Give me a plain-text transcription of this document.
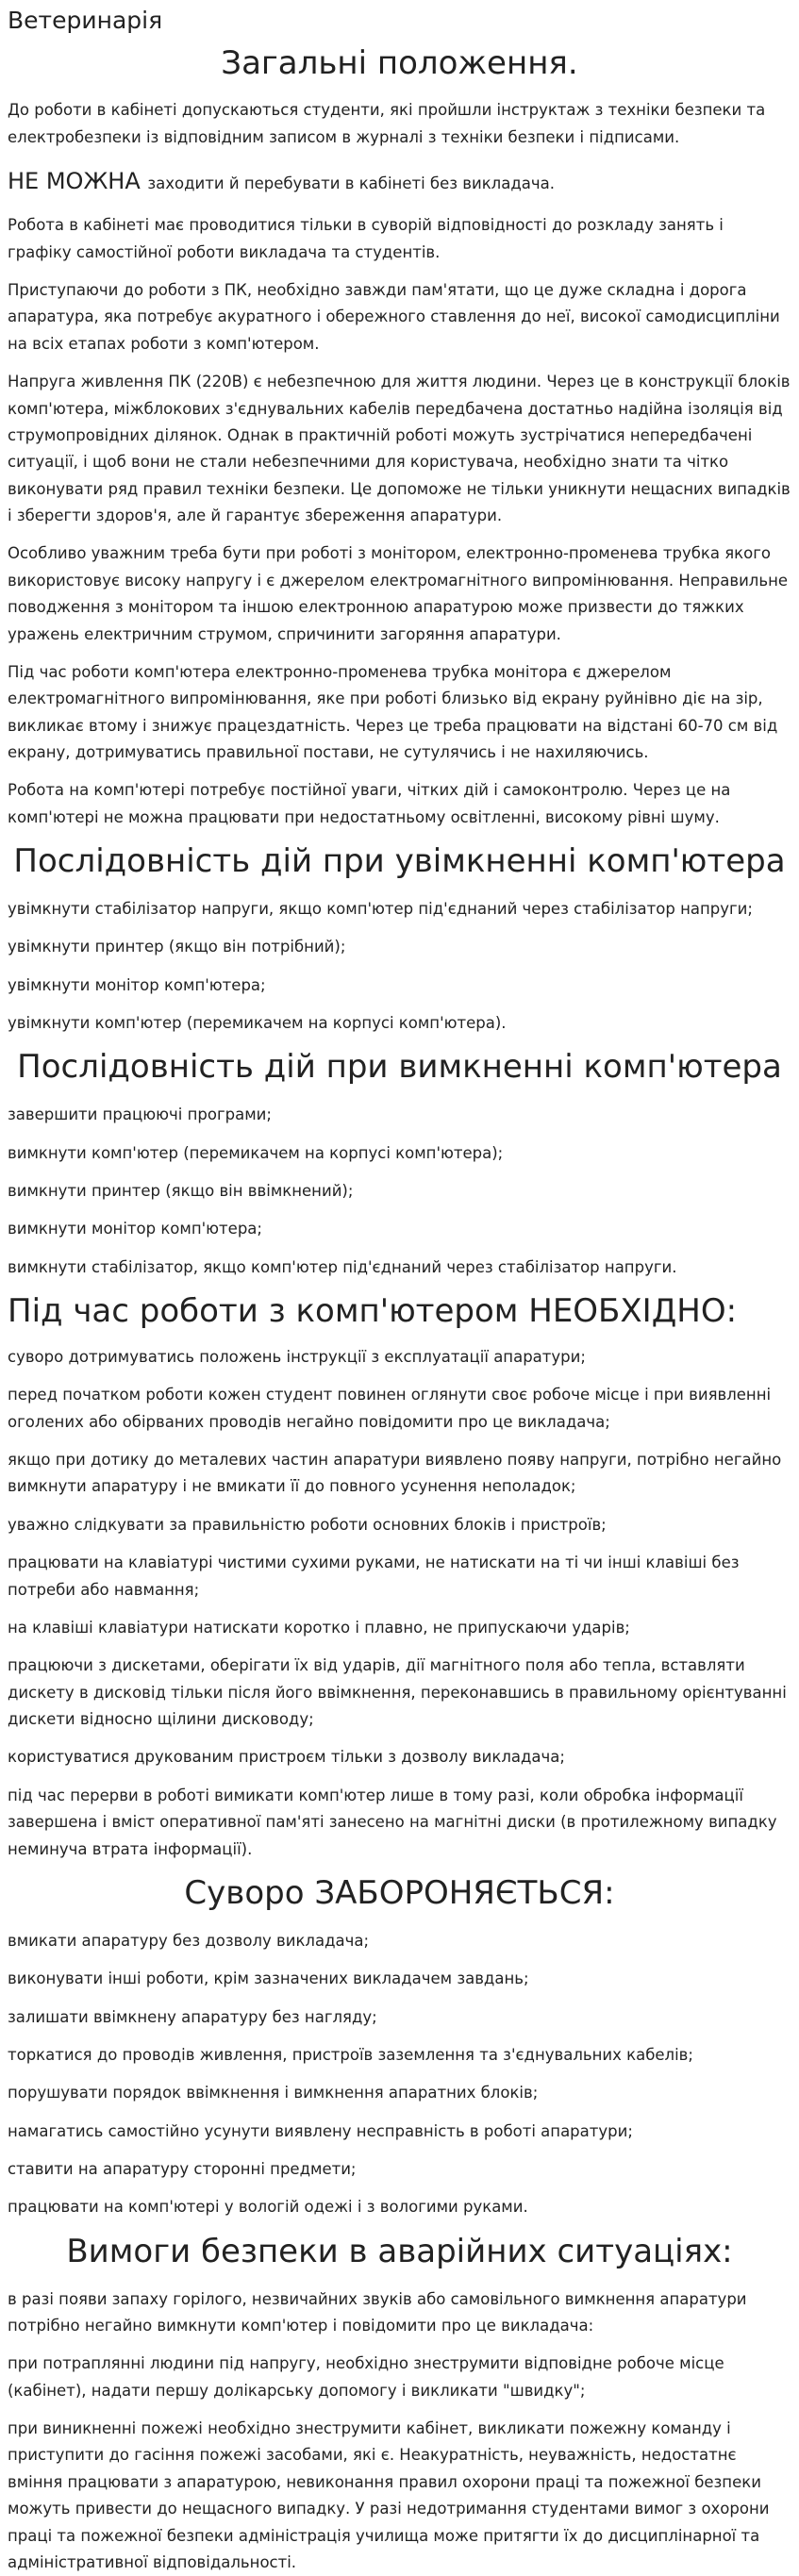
Ветеринарія
Загальні положення.

До роботи в кабінеті допускаються студенти, які пройшли інструктаж з техніки безпеки та електробезпеки із відповідним записом в журналі з техніки безпеки і підписами.

НЕ МОЖНА заходити й перебувати в кабінеті без викладача.

Робота в кабінеті має проводитися тільки в суворій відповідності до розкладу занять і графіку самостійної роботи викладача та студентів.

Приступаючи до роботи з ПК, необхідно завжди пам'ятати, що це дуже складна і дорога апаратура, яка потребує акуратного і обережного ставлення до неї, високої самодисципліни на всіх етапах роботи з комп'ютером.

Напруга живлення ПК (220В) є небезпечною для життя людини. Через це в конструкції блоків комп'ютера, міжблокових з'єднувальних кабелів передбачена достатньо надійна ізоляція від струмопровідних ділянок. Однак в практичній роботі можуть зустрічатися непередбачені ситуації, і щоб вони не стали небезпечними для користувача, необхідно знати та чітко виконувати ряд правил техніки безпеки. Це допоможе не тільки уникнути нещасних випадків і зберегти здоров'я, але й гарантує збереження апаратури.

Особливо уважним треба бути при роботі з монітором, електронно-променева трубка якого використовує високу напругу і є джерелом електромагнітного випромінювання. Неправильне поводження з монітором та іншою електронною апаратурою може призвести до тяжких уражень електричним струмом, спричинити загоряння апаратури.

Під час роботи комп'ютера електронно-променева трубка монітора є джерелом електромагнітного випромінювання, яке при роботі близько від екрану руйнівно діє на зір, викликає втому і знижує працездатність. Через це треба працювати на відстані 60-70 см від екрану, дотримуватись правильної постави, не сутулячись і не нахиляючись.

Робота на комп'ютері потребує постійної уваги, чітких дій і самоконтролю. Через це на комп'ютері не можна працювати при недостатньому освітленні, високому рівні шуму.

Послідовність дій при увімкненні комп'ютера

увімкнути стабілізатор напруги, якщо комп'ютер під'єднаний через стабілізатор напруги;

увімкнути принтер (якщо він потрібний);

увімкнути монітор комп'ютера;

увімкнути комп'ютер (перемикачем на корпусі комп'ютера).

Послідовність дій при вимкненні комп'ютера

завершити працюючі програми;

вимкнути комп'ютер (перемикачем на корпусі комп'ютера);

вимкнути принтер (якщо він ввімкнений);

вимкнути монітор комп'ютера;

вимкнути стабілізатор, якщо комп'ютер під'єднаний через стабілізатор напруги.

Під час роботи з комп'ютером НЕОБХІДНО:

суворо дотримуватись положень інструкції з експлуатації апаратури;

перед початком роботи кожен студент повинен оглянути своє робоче місце і при виявленні оголених або обірваних проводів негайно повідомити про це викладача;

якщо при дотику до металевих частин апаратури виявлено появу напруги, потрібно негайно вимкнути апаратуру і не вмикати її до повного усунення неполадок;

уважно слідкувати за правильністю роботи основних блоків і пристроїв;

працювати на клавіатурі чистими сухими руками, не натискати на ті чи інші клавіші без потреби або навмання;

на клавіші клавіатури натискати коротко і плавно, не припускаючи ударів;

працюючи з дискетами, оберігати їх від ударів, дії магнітного поля або тепла, вставляти дискету в дисковід тільки після його ввімкнення, переконавшись в правильному орієнтуванні дискети відносно щілини дисководу;

користуватися друкованим пристроєм тільки з дозволу викладача;

під час перерви в роботі вимикати комп'ютер лише в тому разі, коли обробка інформації завершена і вміст оперативної пам'яті занесено на магнітні диски (в протилежному випадку неминуча втрата інформації).

Суворо ЗАБОРОНЯЄТЬСЯ:

вмикати апаратуру без дозволу викладача;

виконувати інші роботи, крім зазначених викладачем завдань;

залишати ввімкнену апаратуру без нагляду;

торкатися до проводів живлення, пристроїв заземлення та з'єднувальних кабелів;

порушувати порядок ввімкнення і вимкнення апаратних блоків;

намагатись самостійно усунути виявлену несправність в роботі апаратури;

ставити на апаратуру сторонні предмети;

працювати на комп'ютері у вологій одежі і з вологими руками.

Вимоги безпеки в аварійних ситуаціях:

в разі появи запаху горілого, незвичайних звуків або самовільного вимкнення апаратури потрібно негайно вимкнути комп'ютер і повідомити про це викладача:

при потраплянні людини під напругу, необхідно знеструмити відповідне робоче місце (кабінет), надати першу долікарську допомогу і викликати "швидку";

при виникненні пожежі необхідно знеструмити кабінет, викликати пожежну команду і приступити до гасіння пожежі засобами, які є. Неакуратність, неуважність, недостатнє вміння працювати з апаратурою, невиконання правил охорони праці та пожежної безпеки можуть привести до нещасного випадку. У разі недотримання студентами вимог з охорони праці та пожежної безпеки адміністрація училища може притягти їх до дисциплінарної та адміністративної відповідальності.
